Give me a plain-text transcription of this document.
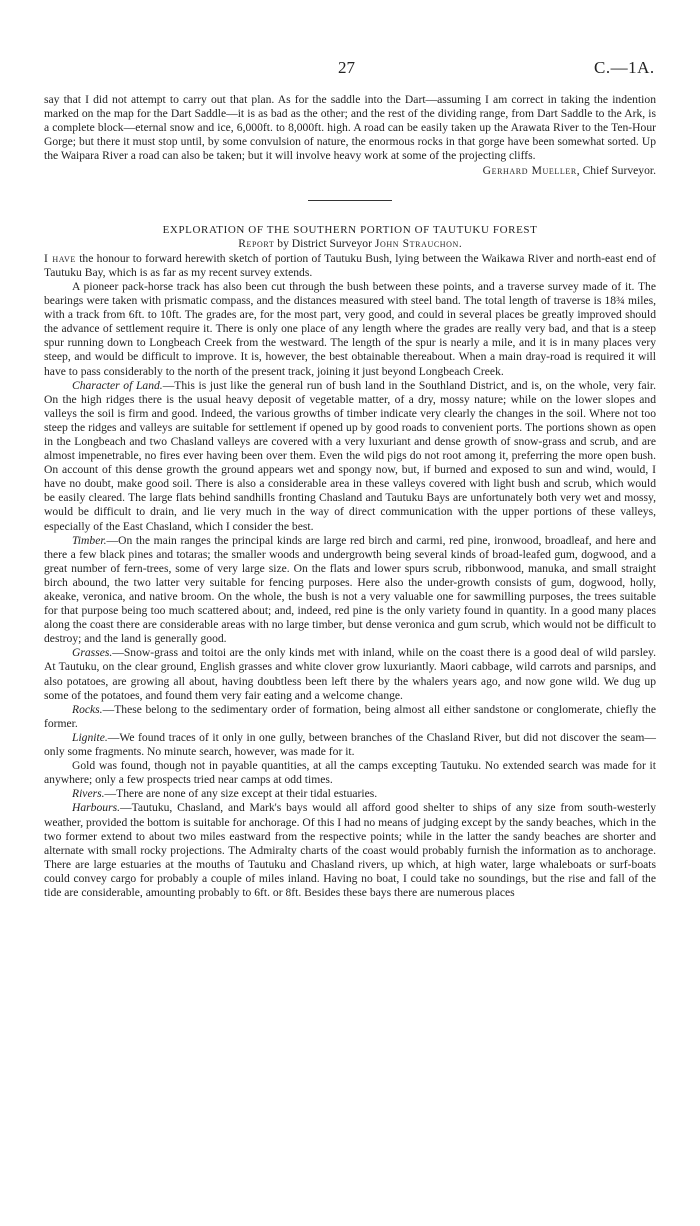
27	C.—1A.

say that I did not attempt to carry out that plan. As for the saddle into the Dart—assuming I am correct in taking the indention marked on the map for the Dart Saddle—it is as bad as the other; and the rest of the dividing range, from Dart Saddle to the Ark, is a complete block—eternal snow and ice, 6,000ft. to 8,000ft. high. A road can be easily taken up the Arawata River to the Ten-Hour Gorge; but there it must stop until, by some convulsion of nature, the enormous rocks in that gorge have been somewhat sorted. Up the Waipara River a road can also be taken; but it will involve heavy work at some of the projecting cliffs.

Gerhard Mueller, Chief Surveyor.

EXPLORATION OF THE SOUTHERN PORTION OF TAUTUKU FOREST

Report by District Surveyor John Strauchon.

I have the honour to forward herewith sketch of portion of Tautuku Bush, lying between the Waikawa River and north-east end of Tautuku Bay, which is as far as my recent survey extends.

A pioneer pack-horse track has also been cut through the bush between these points, and a traverse survey made of it. The bearings were taken with prismatic compass, and the distances measured with steel band. The total length of traverse is 18¾ miles, with a track from 6ft. to 10ft. The grades are, for the most part, very good, and could in several places be greatly improved should the advance of settlement require it. There is only one place of any length where the grades are really very bad, and that is a steep spur running down to Longbeach Creek from the westward. The length of the spur is nearly a mile, and it is in many places very steep, and would be difficult to improve. It is, however, the best obtainable thereabout. When a main dray-road is required it will have to pass considerably to the north of the present track, joining it just beyond Longbeach Creek.

Character of Land.—This is just like the general run of bush land in the Southland District, and is, on the whole, very fair. On the high ridges there is the usual heavy deposit of vegetable matter, of a dry, mossy nature; while on the lower slopes and valleys the soil is firm and good. Indeed, the various growths of timber indicate very clearly the changes in the soil. Where not too steep the ridges and valleys are suitable for settlement if opened up by good roads to convenient ports. The portions shown as open in the Longbeach and two Chasland valleys are covered with a very luxuriant and dense growth of snow-grass and scrub, and are almost impenetrable, no fires ever having been over them. Even the wild pigs do not root among it, preferring the more open bush. On account of this dense growth the ground appears wet and spongy now, but, if burned and exposed to sun and wind, would, I have no doubt, make good soil. There is also a considerable area in these valleys covered with light bush and scrub, which would be easily cleared. The large flats behind sandhills fronting Chasland and Tautuku Bays are unfortunately both very wet and mossy, would be difficult to drain, and lie very much in the way of direct communication with the upper portions of these valleys, especially of the East Chasland, which I consider the best.

Timber.—On the main ranges the principal kinds are large red birch and carmi, red pine, ironwood, broadleaf, and here and there a few black pines and totaras; the smaller woods and undergrowth being several kinds of broad-leafed gum, dogwood, and a great number of fern-trees, some of very large size. On the flats and lower spurs scrub, ribbonwood, manuka, and small straight birch abound, the two latter very suitable for fencing purposes. Here also the under-growth consists of gum, dogwood, holly, akeake, veronica, and native broom. On the whole, the bush is not a very valuable one for sawmilling purposes, the trees suitable for that purpose being too much scattered about; and, indeed, red pine is the only variety found in quantity. In a good many places along the coast there are considerable areas with no large timber, but dense veronica and gum scrub, which would not be difficult to destroy; and the land is generally good.

Grasses.—Snow-grass and toitoi are the only kinds met with inland, while on the coast there is a good deal of wild parsley. At Tautuku, on the clear ground, English grasses and white clover grow luxuriantly. Maori cabbage, wild carrots and parsnips, and also potatoes, are growing all about, having doubtless been left there by the whalers years ago, and now gone wild. We dug up some of the potatoes, and found them very fair eating and a welcome change.

Rocks.—These belong to the sedimentary order of formation, being almost all either sandstone or conglomerate, chiefly the former.

Lignite.—We found traces of it only in one gully, between branches of the Chasland River, but did not discover the seam—only some fragments. No minute search, however, was made for it.

Gold was found, though not in payable quantities, at all the camps excepting Tautuku. No extended search was made for it anywhere; only a few prospects tried near camps at odd times.

Rivers.—There are none of any size except at their tidal estuaries.

Harbours.—Tautuku, Chasland, and Mark's bays would all afford good shelter to ships of any size from south-westerly weather, provided the bottom is suitable for anchorage. Of this I had no means of judging except by the sandy beaches, which in the two former extend to about two miles eastward from the respective points; while in the latter the sandy beaches are shorter and alternate with small rocky projections. The Admiralty charts of the coast would probably furnish the information as to anchorage. There are large estuaries at the mouths of Tautuku and Chasland rivers, up which, at high water, large whaleboats or surf-boats could convey cargo for probably a couple of miles inland. Having no boat, I could take no soundings, but the rise and fall of the tide are considerable, amounting probably to 6ft. or 8ft. Besides these bays there are numerous places
